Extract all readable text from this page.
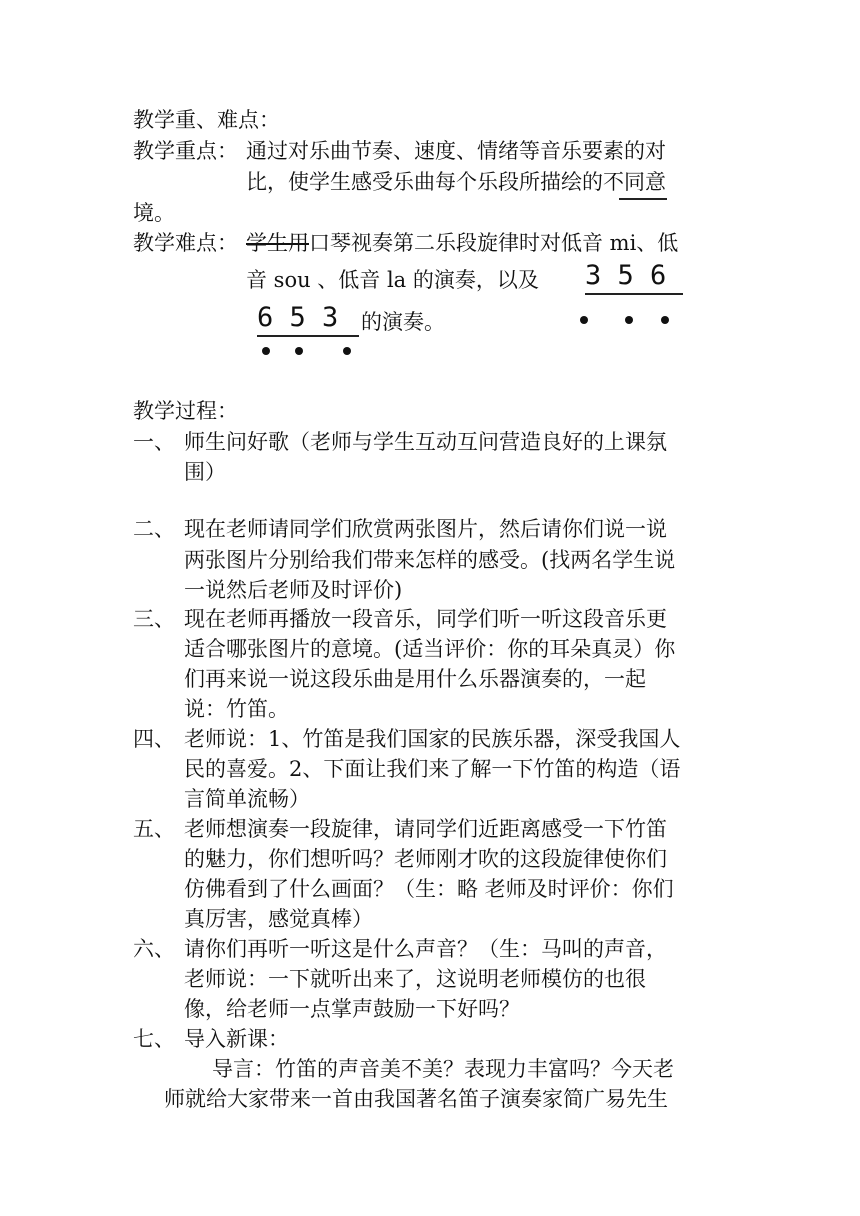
教学重、难点：
教学重点： 通过对乐曲节奏、速度、情绪等音乐要素的对
比，使学生感受乐曲每个乐段所描绘的不同意
境。
教学难点： 学生用口琴视奏第二乐段旋律时对低音 mi、低
音 sou 、低音 la 的演奏，以及 3 5 6
6 5 3	的演奏。
教学过程：
一、 师生问好歌（老师与学生互动互问营造良好的上课氛
围）
二、 现在老师请同学们欣赏两张图片，然后请你们说一说
两张图片分别给我们带来怎样的感受。(找两名学生说
一说然后老师及时评价)
三、 现在老师再播放一段音乐，同学们听一听这段音乐更
适合哪张图片的意境。(适当评价：你的耳朵真灵）你
们再来说一说这段乐曲是用什么乐器演奏的，一起
说：竹笛。
四、 老师说：1、竹笛是我们国家的民族乐器，深受我国人
民的喜爱。2、下面让我们来了解一下竹笛的构造（语
言简单流畅）
五、 老师想演奏一段旋律，请同学们近距离感受一下竹笛
的魅力，你们想听吗？老师刚才吹的这段旋律使你们
仿佛看到了什么画面？（生：略 老师及时评价：你们
真厉害，感觉真棒）
六、 请你们再听一听这是什么声音？（生：马叫的声音，
老师说：一下就听出来了，这说明老师模仿的也很
像，给老师一点掌声鼓励一下好吗？
七、 导入新课：
导言：竹笛的声音美不美？表现力丰富吗？今天老
师就给大家带来一首由我国著名笛子演奏家简广易先生
